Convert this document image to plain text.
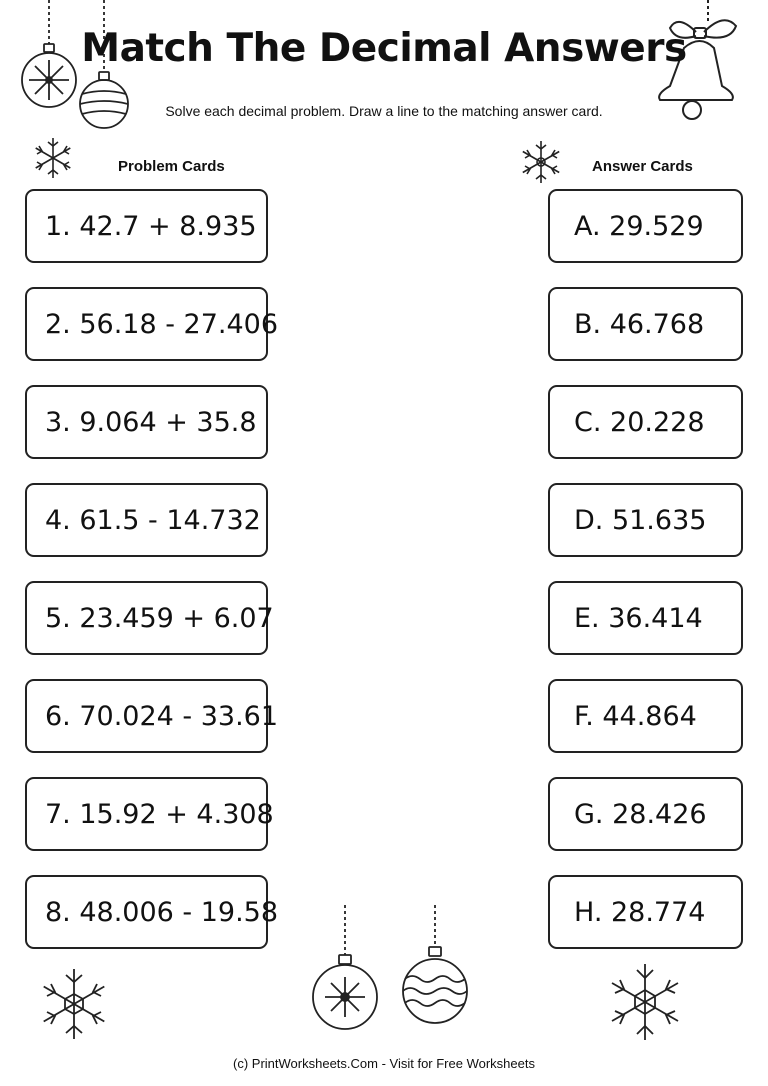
Match The Decimal Answers
Solve each decimal problem. Draw a line to the matching answer card.
Problem Cards	Answer Cards
1. 42.7 + 8.935
2. 56.18 - 27.406
3. 9.064 + 35.8
4. 61.5 - 14.732
5. 23.459 + 6.07
6. 70.024 - 33.61
7. 15.92 + 4.308
8. 48.006 - 19.58
A. 29.529
B. 46.768
C. 20.228
D. 51.635
E. 36.414
F. 44.864
G. 28.426
H. 28.774
(c) PrintWorksheets.Com - Visit for Free Worksheets
